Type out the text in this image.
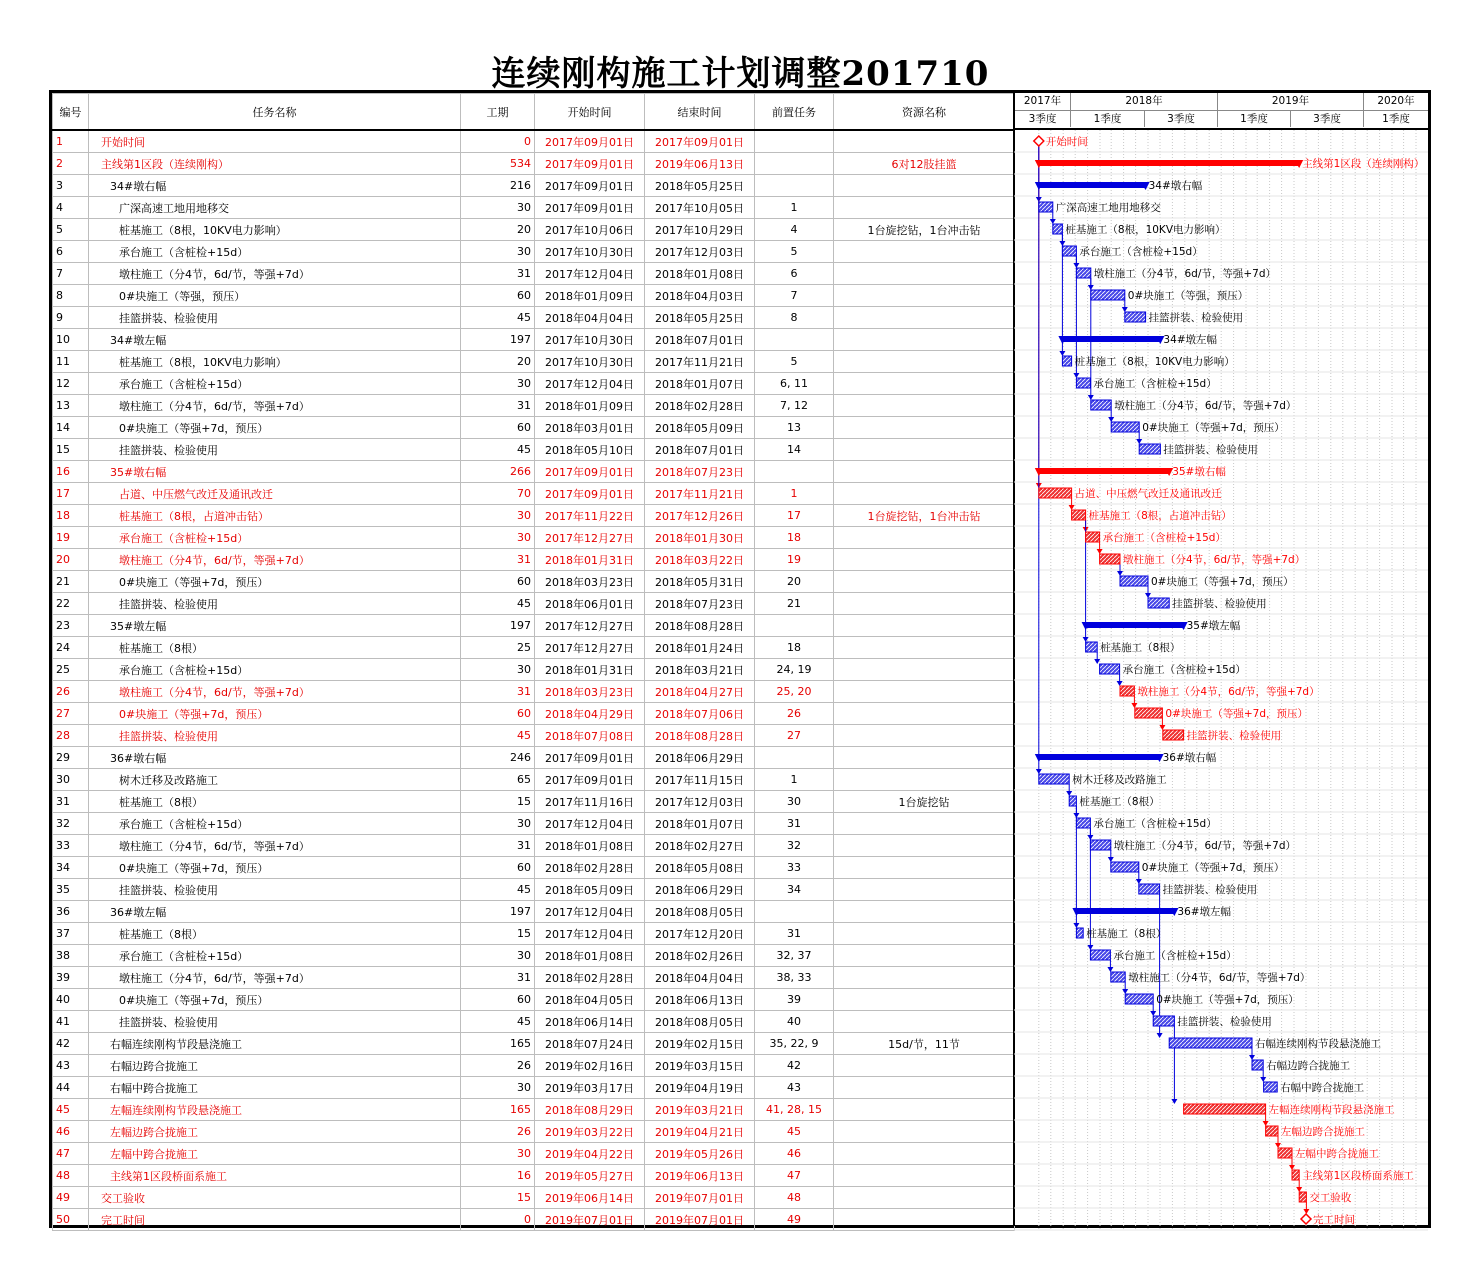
连续刚构施工计划调整201710
编号	任务名称	工期	开始时间	结束时间	前置任务	资源名称
1	开始时间	0	2017年09月01日	2017年09月01日		
2	主线第1区段（连续刚构）	534	2017年09月01日	2019年06月13日		6对12肢挂篮
3	34#墩右幅	216	2017年09月01日	2018年05月25日		
4	广深高速工地用地移交	30	2017年09月01日	2017年10月05日	1	
5	桩基施工（8根，10KV电力影响）	20	2017年10月06日	2017年10月29日	4	1台旋挖钻，1台冲击钻
6	承台施工（含桩检+15d）	30	2017年10月30日	2017年12月03日	5	
7	墩柱施工（分4节，6d/节，等强+7d）	31	2017年12月04日	2018年01月08日	6	
8	0#块施工（等强，预压）	60	2018年01月09日	2018年04月03日	7	
9	挂篮拼装、检验使用	45	2018年04月04日	2018年05月25日	8	
10	34#墩左幅	197	2017年10月30日	2018年07月01日		
11	桩基施工（8根，10KV电力影响）	20	2017年10月30日	2017年11月21日	5	
12	承台施工（含桩检+15d）	30	2017年12月04日	2018年01月07日	6, 11	
13	墩柱施工（分4节，6d/节，等强+7d）	31	2018年01月09日	2018年02月28日	7, 12	
14	0#块施工（等强+7d，预压）	60	2018年03月01日	2018年05月09日	13	
15	挂篮拼装、检验使用	45	2018年05月10日	2018年07月01日	14	
16	35#墩右幅	266	2017年09月01日	2018年07月23日		
17	占道、中压燃气改迁及通讯改迁	70	2017年09月01日	2017年11月21日	1	
18	桩基施工（8根，占道冲击钻）	30	2017年11月22日	2017年12月26日	17	1台旋挖钻，1台冲击钻
19	承台施工（含桩检+15d）	30	2017年12月27日	2018年01月30日	18	
20	墩柱施工（分4节，6d/节，等强+7d）	31	2018年01月31日	2018年03月22日	19	
21	0#块施工（等强+7d，预压）	60	2018年03月23日	2018年05月31日	20	
22	挂篮拼装、检验使用	45	2018年06月01日	2018年07月23日	21	
23	35#墩左幅	197	2017年12月27日	2018年08月28日		
24	桩基施工（8根）	25	2017年12月27日	2018年01月24日	18	
25	承台施工（含桩检+15d）	30	2018年01月31日	2018年03月21日	24, 19	
26	墩柱施工（分4节，6d/节，等强+7d）	31	2018年03月23日	2018年04月27日	25, 20	
27	0#块施工（等强+7d，预压）	60	2018年04月29日	2018年07月06日	26	
28	挂篮拼装、检验使用	45	2018年07月08日	2018年08月28日	27	
29	36#墩右幅	246	2017年09月01日	2018年06月29日		
30	树木迁移及改路施工	65	2017年09月01日	2017年11月15日	1	
31	桩基施工（8根）	15	2017年11月16日	2017年12月03日	30	1台旋挖钻
32	承台施工（含桩检+15d）	30	2017年12月04日	2018年01月07日	31	
33	墩柱施工（分4节，6d/节，等强+7d）	31	2018年01月08日	2018年02月27日	32	
34	0#块施工（等强+7d，预压）	60	2018年02月28日	2018年05月08日	33	
35	挂篮拼装、检验使用	45	2018年05月09日	2018年06月29日	34	
36	36#墩左幅	197	2017年12月04日	2018年08月05日		
37	桩基施工（8根）	15	2017年12月04日	2017年12月20日	31	
38	承台施工（含桩检+15d）	30	2018年01月08日	2018年02月26日	32, 37	
39	墩柱施工（分4节，6d/节，等强+7d）	31	2018年02月28日	2018年04月04日	38, 33	
40	0#块施工（等强+7d，预压）	60	2018年04月05日	2018年06月13日	39	
41	挂篮拼装、检验使用	45	2018年06月14日	2018年08月05日	40	
42	右幅连续刚构节段悬浇施工	165	2018年07月24日	2019年02月15日	35, 22, 9	15d/节，11节
43	右幅边跨合拢施工	26	2019年02月16日	2019年03月15日	42	
44	右幅中跨合拢施工	30	2019年03月17日	2019年04月19日	43	
45	左幅连续刚构节段悬浇施工	165	2018年08月29日	2019年03月21日	41, 28, 15	
46	左幅边跨合拢施工	26	2019年03月22日	2019年04月21日	45	
47	左幅中跨合拢施工	30	2019年04月22日	2019年05月26日	46	
48	主线第1区段桥面系施工	16	2019年05月27日	2019年06月13日	47	
49	交工验收	15	2019年06月14日	2019年07月01日	48	
50	完工时间	0	2019年07月01日	2019年07月01日	49	
2017年	2018年	2019年	2020年
3季度	1季度	3季度	1季度	3季度	1季度
开始时间
主线第1区段（连续刚构）
34#墩右幅
广深高速工地用地移交
桩基施工（8根，10KV电力影响）
承台施工（含桩检+15d）
墩柱施工（分4节，6d/节，等强+7d）
0#块施工（等强，预压）
挂篮拼装、检验使用
34#墩左幅
桩基施工（8根，10KV电力影响）
承台施工（含桩检+15d）
墩柱施工（分4节，6d/节，等强+7d）
0#块施工（等强+7d，预压）
挂篮拼装、检验使用
35#墩右幅
占道、中压燃气改迁及通讯改迁
桩基施工（8根，占道冲击钻）
承台施工（含桩检+15d）
墩柱施工（分4节，6d/节，等强+7d）
0#块施工（等强+7d，预压）
挂篮拼装、检验使用
35#墩左幅
桩基施工（8根）
承台施工（含桩检+15d）
墩柱施工（分4节，6d/节，等强+7d）
0#块施工（等强+7d，预压）
挂篮拼装、检验使用
36#墩右幅
树木迁移及改路施工
桩基施工（8根）
承台施工（含桩检+15d）
墩柱施工（分4节，6d/节，等强+7d）
0#块施工（等强+7d，预压）
挂篮拼装、检验使用
36#墩左幅
桩基施工（8根）
承台施工（含桩检+15d）
墩柱施工（分4节，6d/节，等强+7d）
0#块施工（等强+7d，预压）
挂篮拼装、检验使用
右幅连续刚构节段悬浇施工
右幅边跨合拢施工
右幅中跨合拢施工
左幅连续刚构节段悬浇施工
左幅边跨合拢施工
左幅中跨合拢施工
主线第1区段桥面系施工
交工验收
完工时间
